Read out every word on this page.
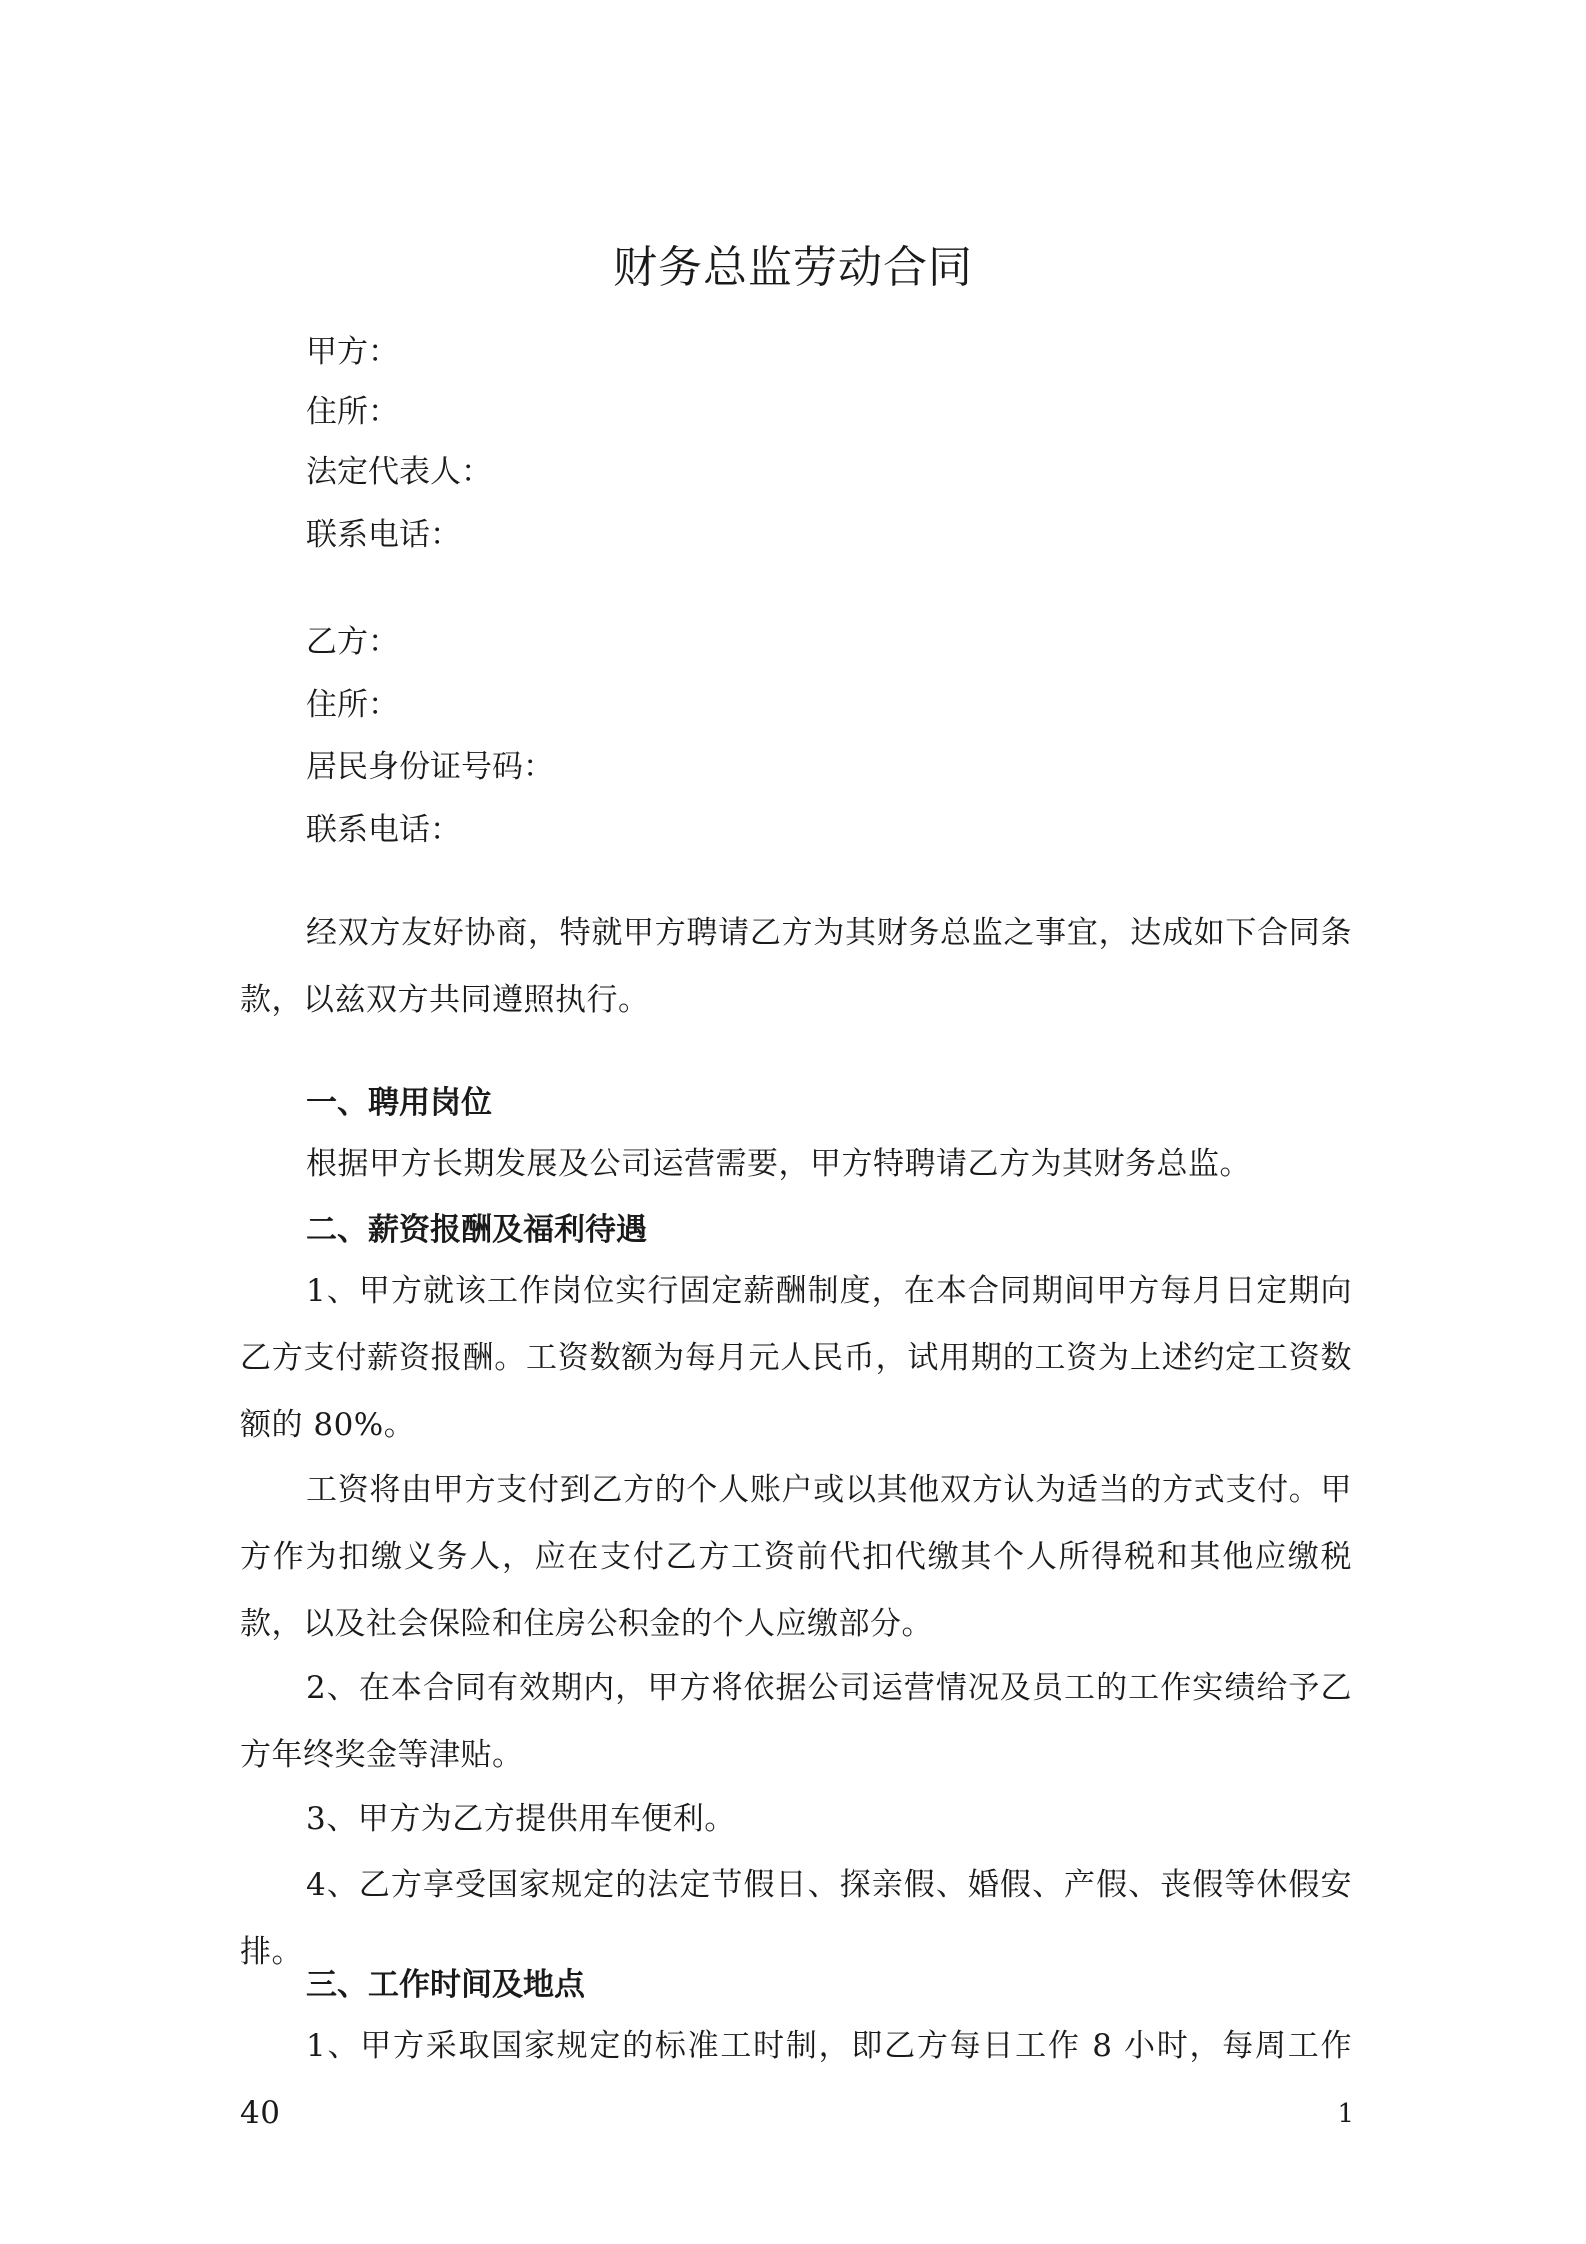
财务总监劳动合同

甲方：

住所：

法定代表人：

联系电话：

乙方：

住所：

居民身份证号码：

联系电话：

经双方友好协商，特就甲方聘请乙方为其财务总监之事宜，达成如下合同条款，以兹双方共同遵照执行。

一、聘用岗位

根据甲方长期发展及公司运营需要，甲方特聘请乙方为其财务总监。

二、薪资报酬及福利待遇

1、甲方就该工作岗位实行固定薪酬制度，在本合同期间甲方每月日定期向乙方支付薪资报酬。工资数额为每月元人民币，试用期的工资为上述约定工资数额的 80%。

工资将由甲方支付到乙方的个人账户或以其他双方认为适当的方式支付。甲方作为扣缴义务人，应在支付乙方工资前代扣代缴其个人所得税和其他应缴税款，以及社会保险和住房公积金的个人应缴部分。

2、在本合同有效期内，甲方将依据公司运营情况及员工的工作实绩给予乙方年终奖金等津贴。

3、甲方为乙方提供用车便利。

4、乙方享受国家规定的法定节假日、探亲假、婚假、产假、丧假等休假安排。

三、工作时间及地点

1、甲方采取国家规定的标准工时制，即乙方每日工作 8 小时，每周工作 40	1
